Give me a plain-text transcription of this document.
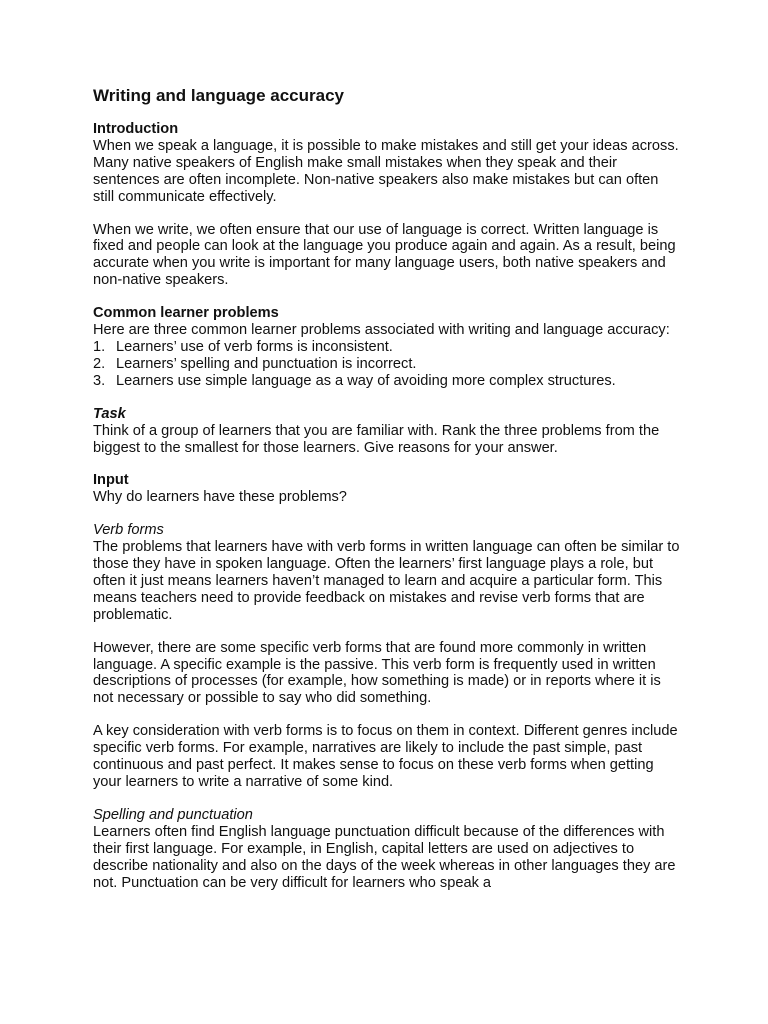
Writing and language accuracy
Introduction

When we speak a language, it is possible to make mistakes and still get your ideas across. Many native speakers of English make small mistakes when they speak and their sentences are often incomplete. Non-native speakers also make mistakes but can often still communicate effectively.

When we write, we often ensure that our use of language is correct. Written language is fixed and people can look at the language you produce again and again. As a result, being accurate when you write is important for many language users, both native speakers and non-native speakers.

Common learner problems

Here are three common learner problems associated with writing and language accuracy:

1. Learners’ use of verb forms is inconsistent.
2. Learners’ spelling and punctuation is incorrect.
3. Learners use simple language as a way of avoiding more complex structures.
Task

Think of a group of learners that you are familiar with. Rank the three problems from the biggest to the smallest for those learners. Give reasons for your answer.

Input

Why do learners have these problems?

Verb forms

The problems that learners have with verb forms in written language can often be similar to those they have in spoken language. Often the learners’ first language plays a role, but often it just means learners haven’t managed to learn and acquire a particular form. This means teachers need to provide feedback on mistakes and revise verb forms that are problematic.

However, there are some specific verb forms that are found more commonly in written language. A specific example is the passive. This verb form is frequently used in written descriptions of processes (for example, how something is made) or in reports where it is not necessary or possible to say who did something.

A key consideration with verb forms is to focus on them in context. Different genres include specific verb forms. For example, narratives are likely to include the past simple, past continuous and past perfect. It makes sense to focus on these verb forms when getting your learners to write a narrative of some kind.

Spelling and punctuation

Learners often find English language punctuation difficult because of the differences with their first language. For example, in English, capital letters are used on adjectives to describe nationality and also on the days of the week whereas in other languages they are not. Punctuation can be very difficult for learners who speak a
